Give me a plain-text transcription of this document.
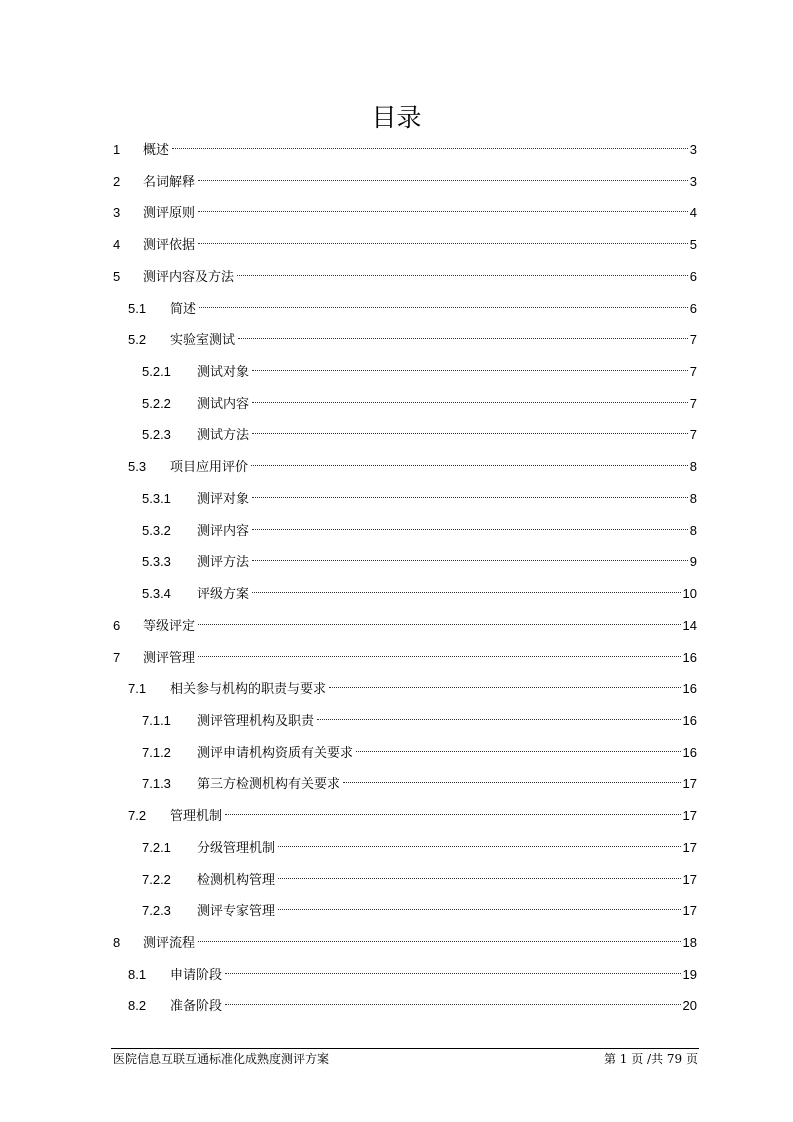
目录
1 概述	3
2 名词解释	3
3 测评原则	4
4 测评依据	5
5 测评内容及方法	6
5.1 简述	6
5.2 实验室测试	7
5.2.1 测试对象	7
5.2.2 测试内容	7
5.2.3 测试方法	7
5.3 项目应用评价	8
5.3.1 测评对象	8
5.3.2 测评内容	8
5.3.3 测评方法	9
5.3.4 评级方案	10
6 等级评定	14
7 测评管理	16
7.1 相关参与机构的职责与要求	16
7.1.1 测评管理机构及职责	16
7.1.2 测评申请机构资质有关要求	16
7.1.3 第三方检测机构有关要求	17
7.2 管理机制	17
7.2.1 分级管理机制	17
7.2.2 检测机构管理	17
7.2.3 测评专家管理	17
8 测评流程	18
8.1 申请阶段	19
8.2 准备阶段	20
医院信息互联互通标准化成熟度测评方案	第 1 页 /共 79 页
